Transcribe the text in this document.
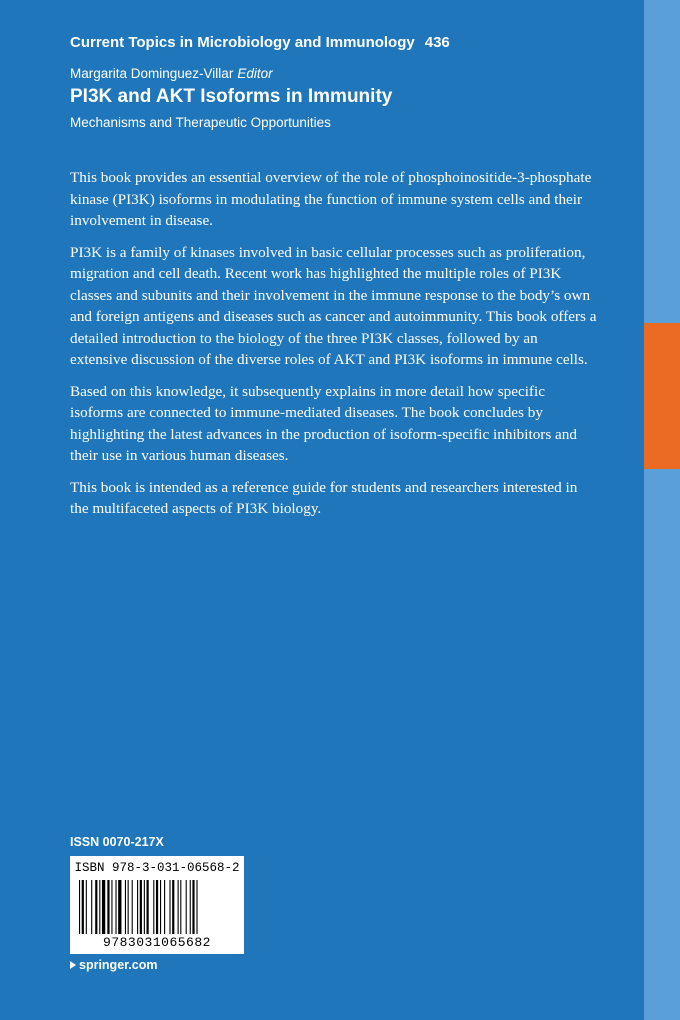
Current Topics in Microbiology and Immunology 436
Margarita Dominguez-Villar Editor
PI3K and AKT Isoforms in Immunity
Mechanisms and Therapeutic Opportunities

This book provides an essential overview of the role of phosphoinositide-3-phosphate kinase (PI3K) isoforms in modulating the function of immune system cells and their involvement in disease.

PI3K is a family of kinases involved in basic cellular processes such as proliferation, migration and cell death. Recent work has highlighted the multiple roles of PI3K classes and subunits and their involvement in the immune response to the body’s own and foreign antigens and diseases such as cancer and autoimmunity. This book offers a detailed introduction to the biology of the three PI3K classes, followed by an extensive discussion of the diverse roles of AKT and PI3K isoforms in immune cells.

Based on this knowledge, it subsequently explains in more detail how specific isoforms are connected to immune-mediated diseases. The book concludes by highlighting the latest advances in the production of isoform-specific inhibitors and their use in various human diseases.

This book is intended as a reference guide for students and researchers interested in the multifaceted aspects of PI3K biology.

ISSN 0070-217X
ISBN 978-3-031-06568-2
9783031065682
springer.com
